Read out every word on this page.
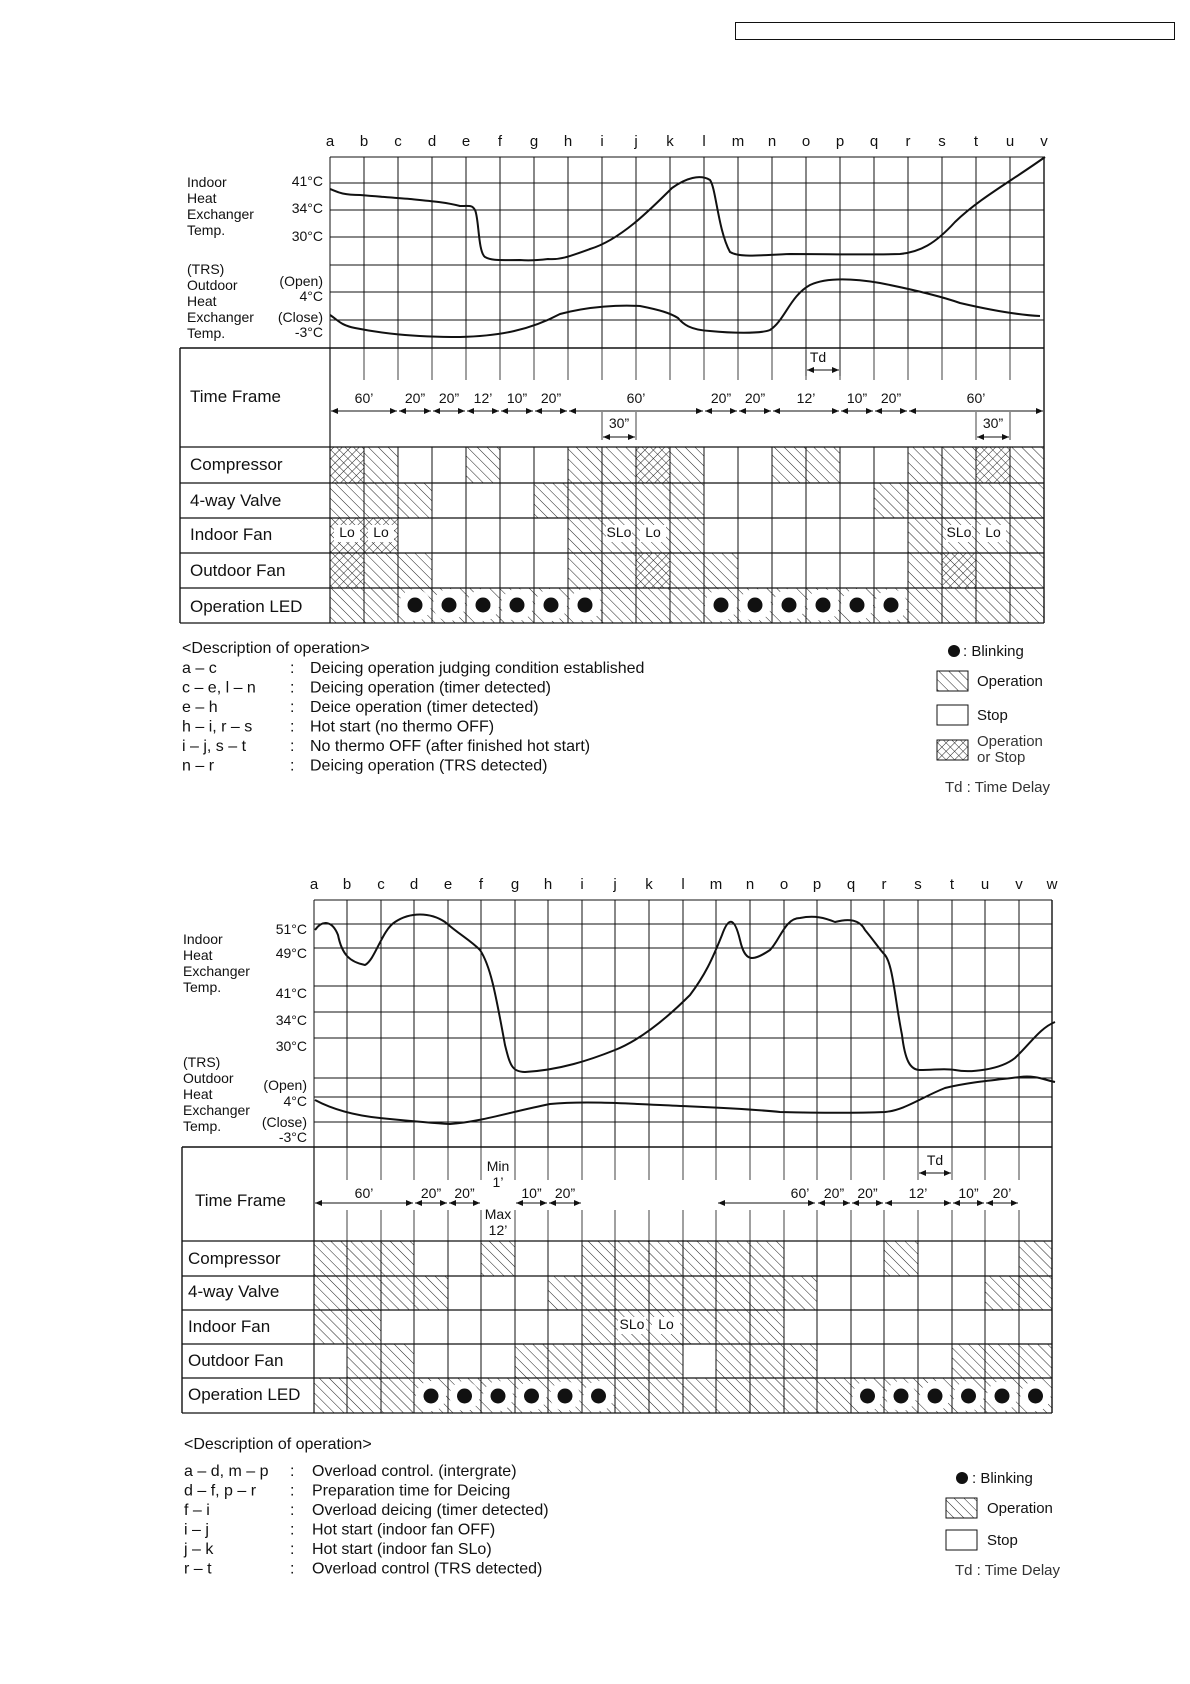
a b c d e f g h i j k l m n o p q r s t u v
Indoor Heat Exchanger Temp.
41°C
34°C
30°C
(TRS) Outdoor Heat Exchanger Temp.
(Open)
4°C
(Close)
-3°C
Time Frame	60’ 20” 20” 12’ 10” 20”	60’	20” 20” 12’ 10” 20”	60’
30”	30”
Td
Compressor
4-way Valve
Indoor Fan
Outdoor Fan
Operation LED
Lo Lo	SLo Lo	SLo Lo
<Description of operation>
a – c	: Deicing operation judging condition established
c – e, l – n : Deicing operation (timer detected)
e – h	: Deice operation (timer detected)
h – i, r – s : Hot start (no thermo OFF)
i – j, s – t	: No thermo OFF (after finished hot start)
n – r	: Deicing operation (TRS detected)
: Blinking
Operation
Stop
Operation or Stop
Td : Time Delay
a b c d e f g h i j k l m n o p q r s t u v w
Indoor Heat Exchanger Temp.
51°C
49°C
41°C
34°C
30°C
(TRS) Outdoor Heat Exchanger Temp.
(Open)
4°C
(Close)
-3°C
Time Frame	60’	20” 20”	10” 20”	60’ 20” 20” 12’ 10” 20’
Min
1’
Max
12’
Td
Compressor
4-way Valve
Indoor Fan
Outdoor Fan
Operation LED
SLo Lo
<Description of operation>
a – d, m – p : Overload control. (intergrate)
d – f, p – r : Preparation time for Deicing
f – i	: Overload deicing (timer detected)
i – j	: Hot start (indoor fan OFF)
j – k	: Hot start (indoor fan SLo)
r – t	: Overload control (TRS detected)
: Blinking
Operation
Stop
Td : Time Delay
